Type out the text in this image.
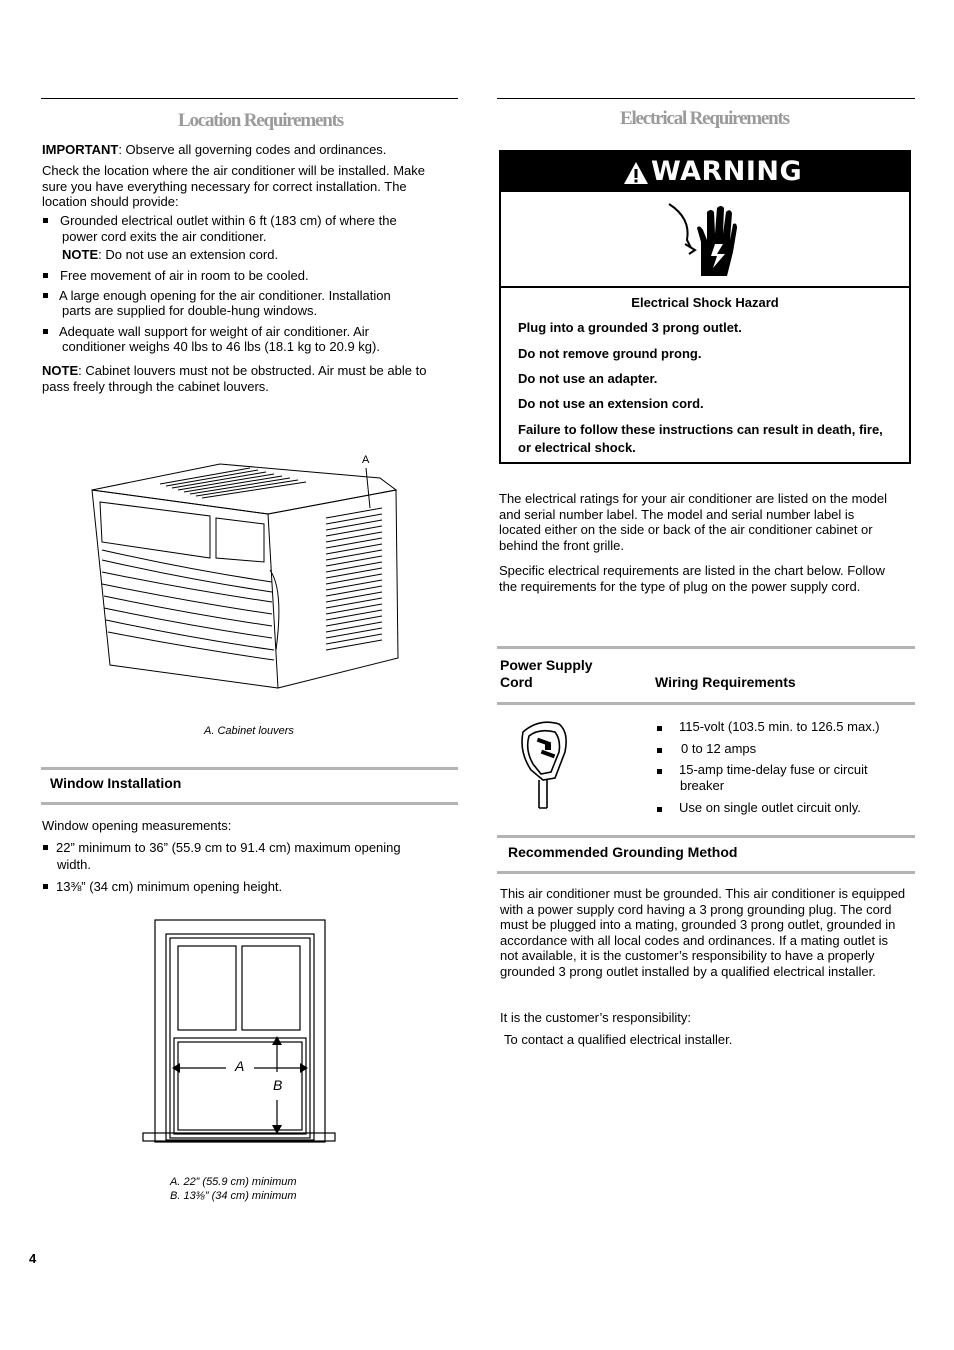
Location Requirements

IMPORTANT: Observe all governing codes and ordinances.

Check the location where the air conditioner will be installed. Make sure you have everything necessary for correct installation. The location should provide:

Grounded electrical outlet within 6 ft (183 cm) of where the

power cord exits the air conditioner.

NOTE: Do not use an extension cord.

Free movement of air in room to be cooled.

A large enough opening for the air conditioner. Installation

parts are supplied for double-hung windows.

Adequate wall support for weight of air conditioner. Air

conditioner weighs 40 lbs to 46 lbs (18.1 kg to 20.9 kg).

NOTE: Cabinet louvers must not be obstructed. Air must be able to pass freely through the cabinet louvers.

A
A. Cabinet louvers
Window Installation

Window opening measurements:

22” minimum to 36” (55.9 cm to 91.4 cm) maximum opening

width.

13⅜” (34 cm) minimum opening height.

A
B
A. 22” (55.9 cm) minimum
B. 13⅜” (34 cm) minimum
4
Electrical Requirements
WARNING
Electrical Shock Hazard
Plug into a grounded 3 prong outlet.
Do not remove ground prong.
Do not use an adapter.
Do not use an extension cord.
Failure to follow these instructions can result in death, fire, or electrical shock.

The electrical ratings for your air conditioner are listed on the model and serial number label. The model and serial number label is located either on the side or back of the air conditioner cabinet or behind the front grille.

Specific electrical requirements are listed in the chart below. Follow the requirements for the type of plug on the power supply cord.

Power Supply
Cord	Wiring Requirements

115-volt (103.5 min. to 126.5 max.)

0 to 12 amps

15-amp time-delay fuse or circuit

breaker

Use on single outlet circuit only.

Recommended Grounding Method

This air conditioner must be grounded. This air conditioner is equipped with a power supply cord having a 3 prong grounding plug. The cord must be plugged into a mating, grounded 3 prong outlet, grounded in accordance with all local codes and ordinances. If a mating outlet is not available, it is the customer’s responsibility to have a properly grounded 3 prong outlet installed by a qualified electrical installer.

It is the customer’s responsibility:

To contact a qualified electrical installer.
